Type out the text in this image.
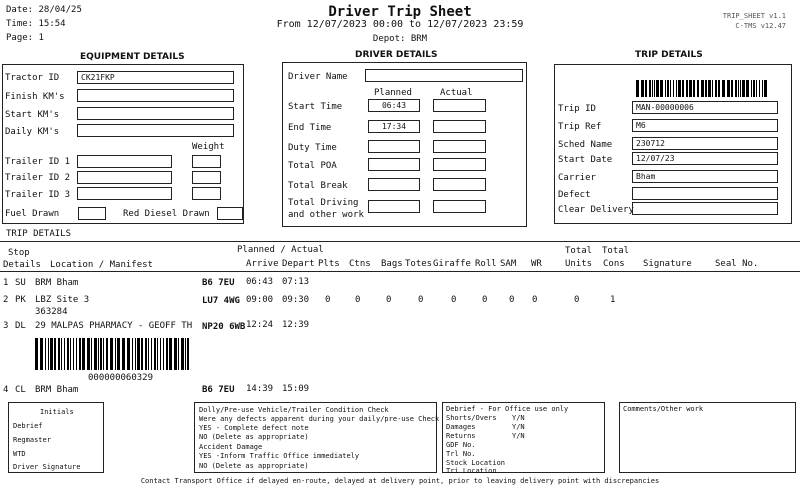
Date: 28/04/25
Time: 15:54
Page: 1
Driver Trip Sheet
From 12/07/2023 00:00 to 12/07/2023 23:59
Depot: BRM
TRIP_SHEET v1.1
C-TMS v12.47
EQUIPMENT DETAILS
Tractor ID	CK21FKP
Finish KM's
Start KM's
Daily KM's
Weight
Trailer ID 1
Trailer ID 2
Trailer ID 3
Fuel Drawn	Red Diesel Drawn
DRIVER DETAILS
Driver Name
Planned	Actual
Start Time	06:43
End Time	17:34
Duty Time
Total POA
Total Break
Total Driving
and other work
TRIP DETAILS
Trip ID	MAN-00000006
Trip Ref	M6
Sched Name	230712
Start Date	12/07/23
Carrier	Bham
Defect
Clear Delivery
TRIP DETAILS
Stop
Details Location / Manifest
Planned / Actual
Arrive Depart Plts Ctns Bags Totes Giraffe Roll SAM WR
Total
Units
Total
Cons Signature	Seal No.
1 SU BRM Bham	B6 7EU 06:43 07:13
2 PK LBZ Site 3
363284
LU7 4WG 09:00 09:30 0	0	0	0	0	0 0 0	0	1
3 DL 29 MALPAS PHARMACY - GEOFF TH NP20 6WB 12:24 12:39
000000060329
4 CL BRM Bham	B6 7EU 14:39 15:09
Initials
Debrief
Regmaster
WTD
Driver Signature
Dolly/Pre-use Vehicle/Trailer Condition Check
Were any defects apparent during your daily/pre-use Check
YES - Complete defect note
NO (Delete as appropriate)
Accident Damage
YES -Inform Traffic Office immediately
NO (Delete as appropriate)
Debrief - For Office use only
Shorts/Overs Y/N
Damages	Y/N
Returns	Y/N
GDF No.
Trl No.
Stock Location
Tri Location
Comments/Other work
Contact Transport Office if delayed en-route, delayed at delivery point, prior to leaving delivery point with discrepancies
